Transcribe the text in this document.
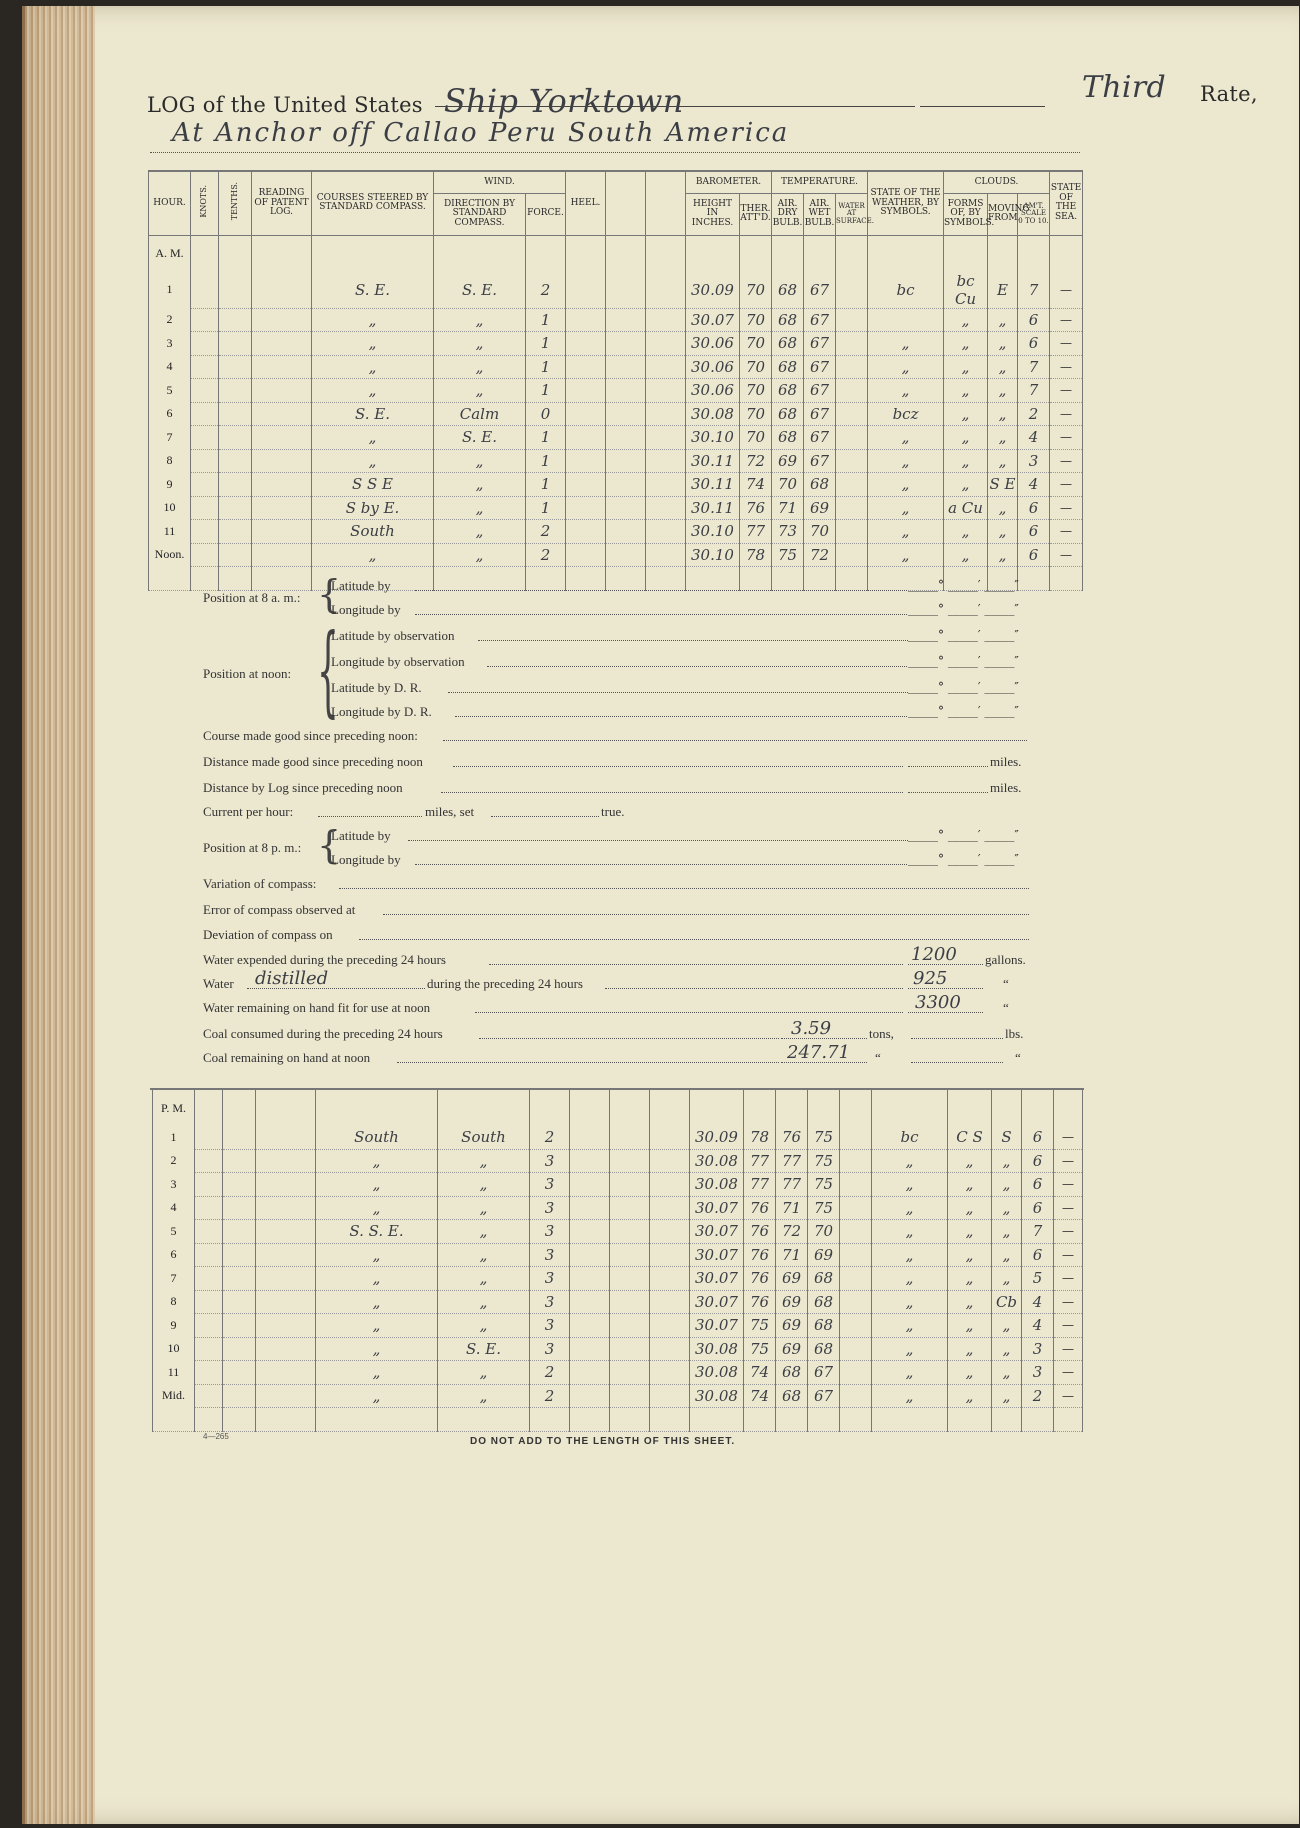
LOG of the United States Ship Yorktown	Third Rate,
At Anchor off Callao Peru South America
HOUR.	KNOTS.	TENTHS.	READING OF PATENT LOG.	COURSES STEERED BY STANDARD COMPASS.	WIND.		HEEL.			BAROMETER.		TEMPERATURE.			STATE OF THE WEATHER, BY SYMBOLS.	CLOUDS.			STATE OF THE SEA.
					DIRECTION BY STANDARD COMPASS.	FORCE.				HEIGHT IN INCHES.	THER. ATT'D.	AIR. DRY BULB.	AIR. WET BULB.	WATER AT SURFACE.		FORMS OF, BY SYMBOLS.	MOVING FROM.	AM'T. SCALE 0 TO 10.	
A. M.																			
1				S. E.	S. E.	2				30.09	70	68	67		bc	bc Cu	E	7	—
2				„	„	1				30.07	70	68	67			„	„	6	—
3				„	„	1				30.06	70	68	67		„	„	„	6	—
4				„	„	1				30.06	70	68	67		„	„	„	7	—
5				„	„	1				30.06	70	68	67		„	„	„	7	—
6				S. E.	Calm	0				30.08	70	68	67		bcz	„	„	2	—
7				„	S. E.	1				30.10	70	68	67		„	„	„	4	—
8				„	„	1				30.11	72	69	67		„	„	„	3	—
9				S S E	„	1				30.11	74	70	68		„	„	S E	4	—
10				S by E.	„	1				30.11	76	71	69		„	a Cu	„	6	—
11				South	„	2				30.10	77	73	70		„	„	„	6	—
Noon.				„	„	2				30.10	78	75	72		„	„	„	6	—

Position at 8 a. m.: {
Latitude by
Longitude by
Position at noon: {
Latitude by observation
Longitude by observation
Latitude by D. R.
Longitude by D. R.
Course made good since preceding noon:
Distance made good since preceding noon	miles.
Distance by Log since preceding noon	miles.
Current per hour:	miles, set	true.
Position at 8 p. m.: {
Latitude by
Longitude by
Variation of compass:
Error of compass observed at
Deviation of compass on
Water expended during the preceding 24 hours	1200 gallons.
Water distilled	during the preceding 24 hours	925	“
Water remaining on hand fit for use at noon	3300	“
Coal consumed during the preceding 24 hours	3.59	tons,	lbs.
Coal remaining on hand at noon	247.71 “	“
_____° _____′ _____″
_____° _____′ _____″
_____° _____′ _____″
_____° _____′ _____″
_____° _____′ _____″
_____° _____′ _____″
_____° _____′ _____″
_____° _____′ _____″
P. M.																			
1				South	South	2				30.09	78	76	75		bc	C S	S	6	—
2				„	„	3				30.08	77	77	75		„	„	„	6	—
3				„	„	3				30.08	77	77	75		„	„	„	6	—
4				„	„	3				30.07	76	71	75		„	„	„	6	—
5				S. S. E.	„	3				30.07	76	72	70		„	„	„	7	—
6				„	„	3				30.07	76	71	69		„	„	„	6	—
7				„	„	3				30.07	76	69	68		„	„	„	5	—
8				„	„	3				30.07	76	69	68		„	„	Cb	4	—
9				„	„	3				30.07	75	69	68		„	„	„	4	—
10				„	S. E.	3				30.08	75	69	68		„	„	„	3	—
11				„	„	2				30.08	74	68	67		„	„	„	3	—
Mid.				„	„	2				30.08	74	68	67		„	„	„	2	—

4—265	DO NOT ADD TO THE LENGTH OF THIS SHEET.
